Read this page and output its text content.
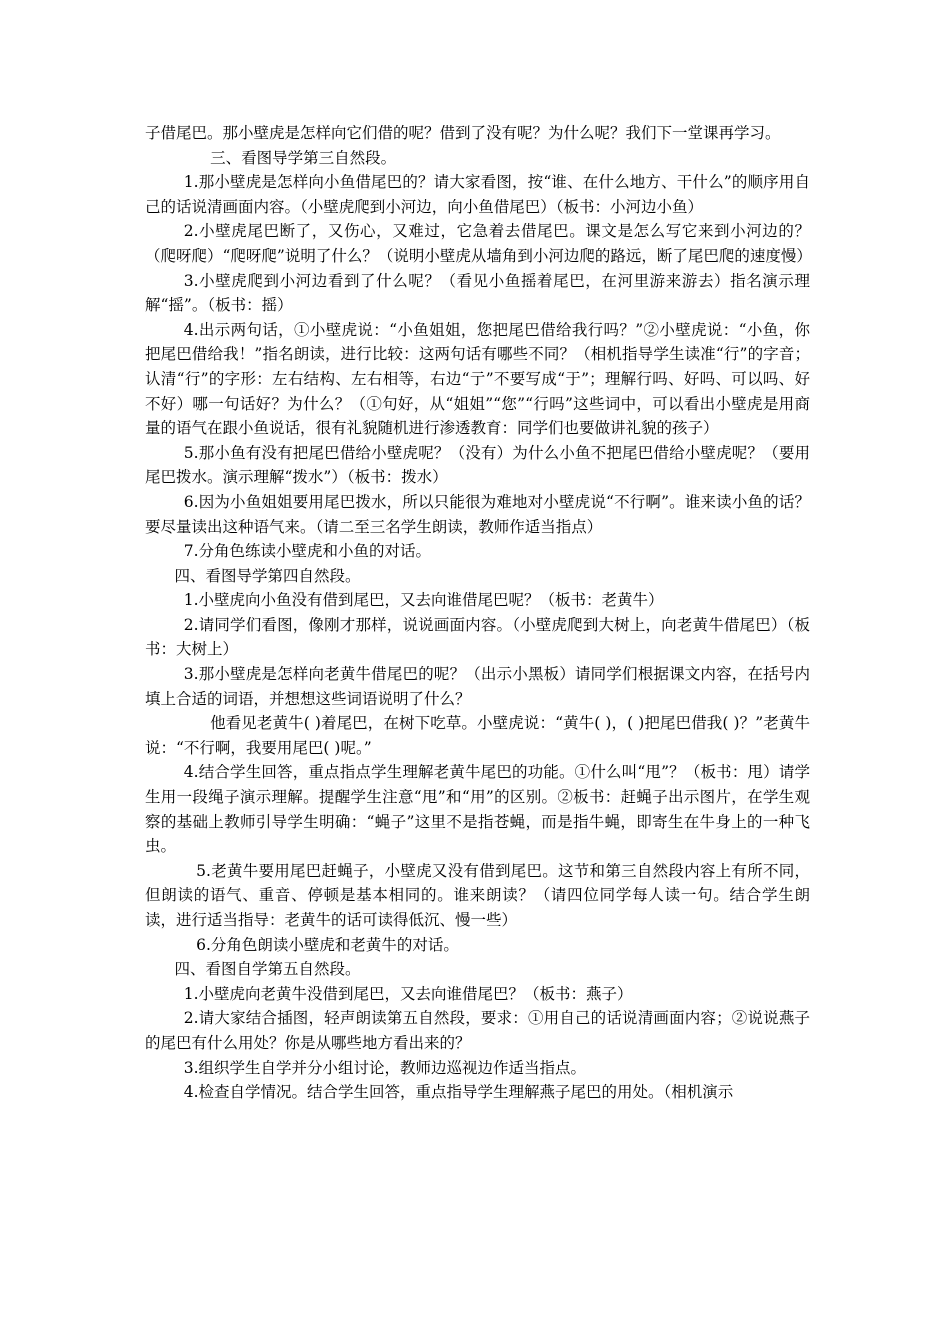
子借尾巴。那小壁虎是怎样向它们借的呢？借到了没有呢？为什么呢？我们下一堂课再学习。

三、看图导学第三自然段。

1.那小壁虎是怎样向小鱼借尾巴的？请大家看图，按“谁、在什么地方、干什么”的顺序用自己的话说清画面内容。（小壁虎爬到小河边，向小鱼借尾巴）（板书：小河边小鱼）

2.小壁虎尾巴断了，又伤心，又难过，它急着去借尾巴。课文是怎么写它来到小河边的？（爬呀爬）“爬呀爬”说明了什么？（说明小壁虎从墙角到小河边爬的路远，断了尾巴爬的速度慢）

3.小壁虎爬到小河边看到了什么呢？（看见小鱼摇着尾巴，在河里游来游去）指名演示理解“摇”。（板书：摇）

4.出示两句话，①小壁虎说：“小鱼姐姐，您把尾巴借给我行吗？”②小壁虎说：“小鱼，你把尾巴借给我！”指名朗读，进行比较：这两句话有哪些不同？（相机指导学生读准“行”的字音；认清“行”的字形：左右结构、左右相等，右边“亍”不要写成“于”；理解行吗、好吗、可以吗、好不好）哪一句话好？为什么？（①句好，从“姐姐”“您”“行吗”这些词中，可以看出小壁虎是用商量的语气在跟小鱼说话，很有礼貌随机进行渗透教育：同学们也要做讲礼貌的孩子）

5.那小鱼有没有把尾巴借给小壁虎呢？（没有）为什么小鱼不把尾巴借给小壁虎呢？（要用尾巴拨水。演示理解“拨水”）（板书：拨水）

6.因为小鱼姐姐要用尾巴拨水，所以只能很为难地对小壁虎说“不行啊”。谁来读小鱼的话？要尽量读出这种语气来。（请二至三名学生朗读，教师作适当指点）

7.分角色练读小壁虎和小鱼的对话。

四、看图导学第四自然段。

1.小壁虎向小鱼没有借到尾巴，又去向谁借尾巴呢？（板书：老黄牛）

2.请同学们看图，像刚才那样，说说画面内容。（小壁虎爬到大树上，向老黄牛借尾巴）（板书：大树上）

3.那小壁虎是怎样向老黄牛借尾巴的呢？（出示小黑板）请同学们根据课文内容，在括号内填上合适的词语，并想想这些词语说明了什么？

他看见老黄牛( )着尾巴，在树下吃草。小壁虎说：“黄牛( )，( )把尾巴借我( )？”老黄牛说：“不行啊，我要用尾巴( )呢。”

4.结合学生回答，重点指点学生理解老黄牛尾巴的功能。①什么叫“甩”？（板书：甩）请学生用一段绳子演示理解。提醒学生注意“甩”和“用”的区别。②板书：赶蝇子出示图片，在学生观察的基础上教师引导学生明确：“蝇子”这里不是指苍蝇，而是指牛蝇，即寄生在牛身上的一种飞虫。

5.老黄牛要用尾巴赶蝇子，小壁虎又没有借到尾巴。这节和第三自然段内容上有所不同，但朗读的语气、重音、停顿是基本相同的。谁来朗读？（请四位同学每人读一句。结合学生朗读，进行适当指导：老黄牛的话可读得低沉、慢一些）

6.分角色朗读小壁虎和老黄牛的对话。

四、看图自学第五自然段。

1.小壁虎向老黄牛没借到尾巴，又去向谁借尾巴？（板书：燕子）

2.请大家结合插图，轻声朗读第五自然段，要求：①用自己的话说清画面内容；②说说燕子的尾巴有什么用处？你是从哪些地方看出来的？

3.组织学生自学并分小组讨论，教师边巡视边作适当指点。

4.检查自学情况。结合学生回答，重点指导学生理解燕子尾巴的用处。（相机演示
